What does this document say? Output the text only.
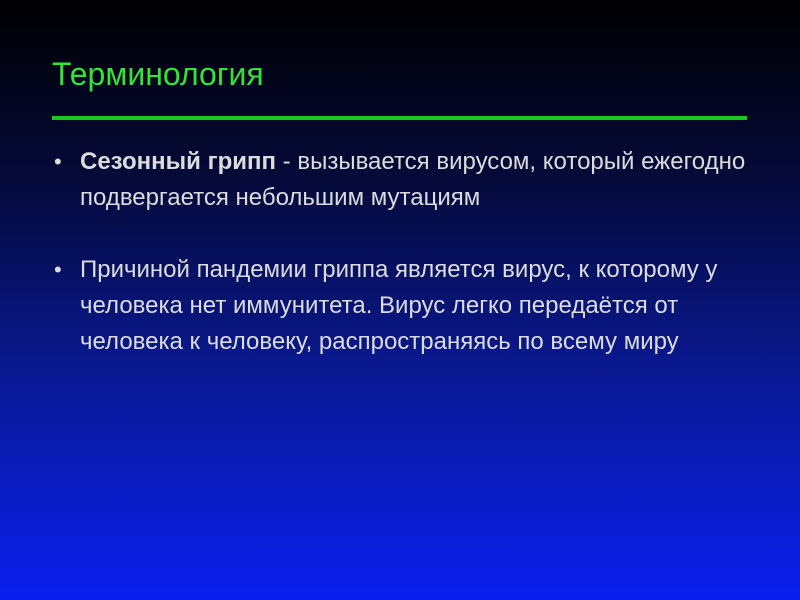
Терминология
• Сезонный грипп - вызывается вирусом, который ежегодно подвергается небольшим мутациям
• Причиной пандемии гриппа является вирус, к которому у человека нет иммунитета. Вирус легко передаётся от человека к человеку, распространяясь по всему миру
